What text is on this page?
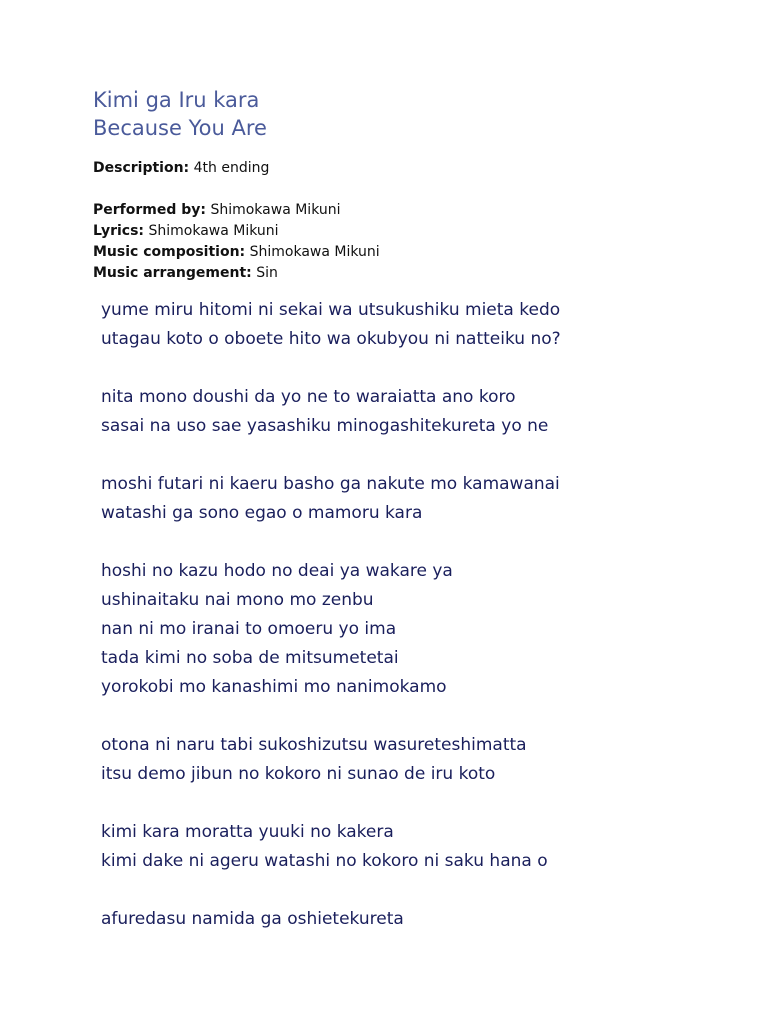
Kimi ga Iru kara
Because You Are
Description: 4th ending
Performed by: Shimokawa Mikuni
Lyrics: Shimokawa Mikuni
Music composition: Shimokawa Mikuni
Music arrangement: Sin
yume miru hitomi ni sekai wa utsukushiku mieta kedo
utagau koto o oboete hito wa okubyou ni natteiku no?
nita mono doushi da yo ne to waraiatta ano koro
sasai na uso sae yasashiku minogashitekureta yo ne
moshi futari ni kaeru basho ga nakute mo kamawanai
watashi ga sono egao o mamoru kara
hoshi no kazu hodo no deai ya wakare ya
ushinaitaku nai mono mo zenbu
nan ni mo iranai to omoeru yo ima
tada kimi no soba de mitsumetetai
yorokobi mo kanashimi mo nanimokamo
otona ni naru tabi sukoshizutsu wasureteshimatta
itsu demo jibun no kokoro ni sunao de iru koto
kimi kara moratta yuuki no kakera
kimi dake ni ageru watashi no kokoro ni saku hana o
afuredasu namida ga oshietekureta
